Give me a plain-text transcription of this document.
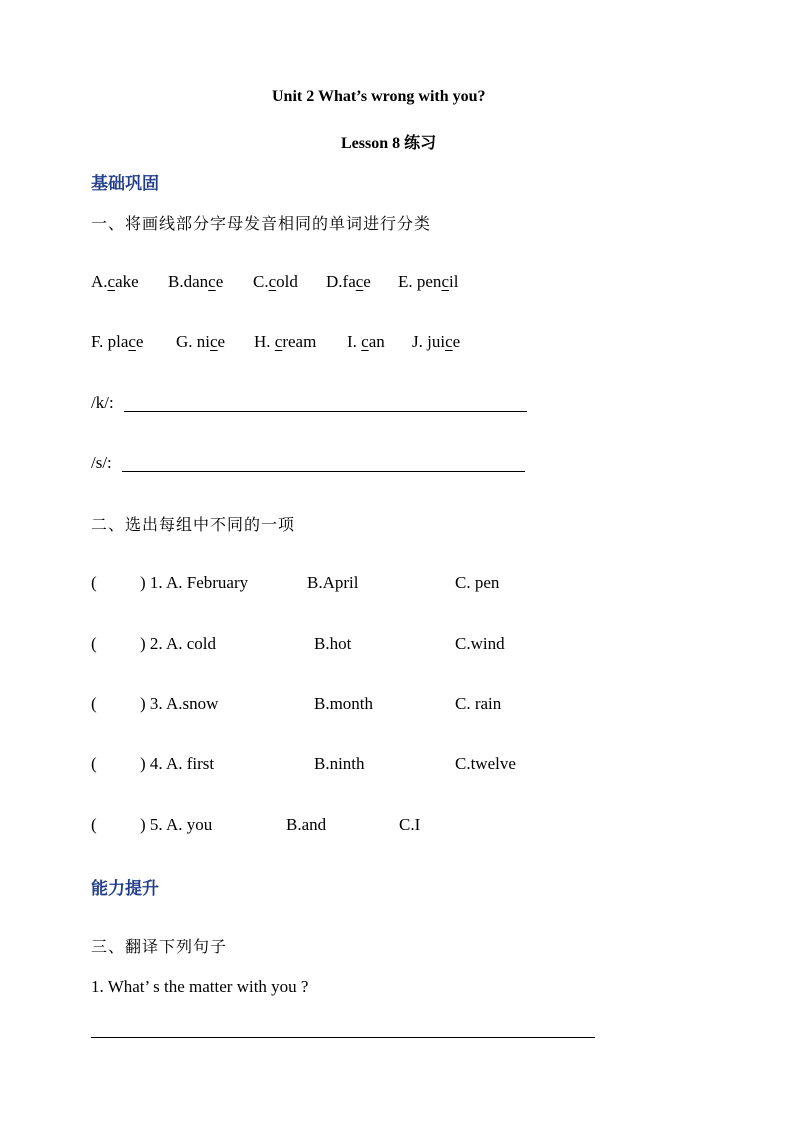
Unit 2 What’s wrong with you?
Lesson 8 练习
基础巩固
一、将画线部分字母发音相同的单词进行分类
A.cake B.dance C.cold D.face E. pencil
F. place G. nice H. cream I. can J. juice
/k/:
/s/:
二、选出每组中不同的一项
(	) 1. A. February	B.April	C. pen
(	) 2. A. cold	B.hot	C.wind
(	) 3. A.snow	B.month	C. rain
(	) 4. A. first	B.ninth	C.twelve
(	) 5. A. you	B.and	C.I
能力提升
三、翻译下列句子
1. What’ s the matter with you ?
